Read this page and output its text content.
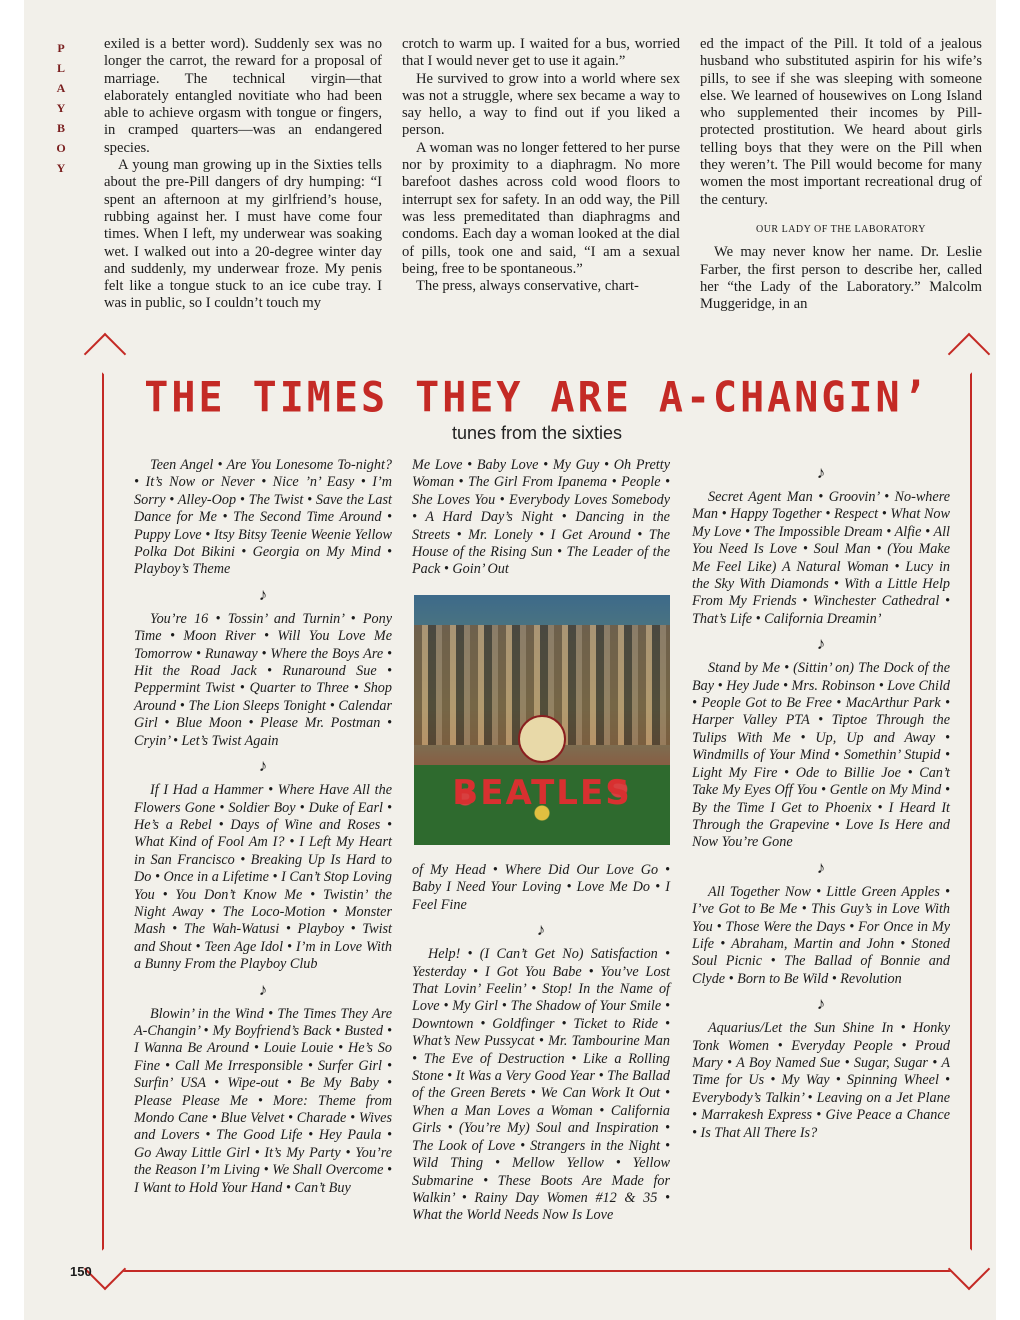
P
L
A
Y
B
O
Y

exiled is a better word). Suddenly sex was no longer the carrot, the reward for a proposal of marriage. The technical virgin—that elaborately entangled novitiate who had been able to achieve orgasm with tongue or fingers, in cramped quarters—was an endangered species.

A young man growing up in the Sixties tells about the pre-Pill dangers of dry humping: “I spent an afternoon at my girlfriend’s house, rubbing against her. I must have come four times. When I left, my underwear was soaking wet. I walked out into a 20-degree winter day and suddenly, my underwear froze. My penis felt like a tongue stuck to an ice cube tray. I was in public, so I couldn’t touch my

crotch to warm up. I waited for a bus, worried that I would never get to use it again.”

He survived to grow into a world where sex was not a struggle, where sex became a way to say hello, a way to find out if you liked a person.

A woman was no longer fettered to her purse nor by proximity to a diaphragm. No more barefoot dashes across cold wood floors to interrupt sex for safety. In an odd way, the Pill was less premeditated than diaphragms and condoms. Each day a woman looked at the dial of pills, took one and said, “I am a sexual being, free to be spontaneous.”

The press, always conservative, chart-

ed the impact of the Pill. It told of a jealous husband who substituted aspirin for his wife’s pills, to see if she was sleeping with someone else. We learned of housewives on Long Island who supplemented their incomes by Pill-protected prostitution. We heard about girls telling boys that they were on the Pill when they weren’t. The Pill would become for many women the most important recreational drug of the century.

OUR LADY OF THE LABORATORY

We may never know her name. Dr. Leslie Farber, the first person to describe her, called her “the Lady of the Laboratory.” Malcolm Muggeridge, in an

THE TIMES THEY ARE A-CHANGIN’
tunes from the sixties

Teen Angel • Are You Lonesome To-night? • It’s Now or Never • Nice ’n’ Easy • I’m Sorry • Alley-Oop • The Twist • Save the Last Dance for Me • The Second Time Around • Puppy Love • Itsy Bitsy Teenie Weenie Yellow Polka Dot Bikini • Georgia on My Mind • Playboy’s Theme

♪

You’re 16 • Tossin’ and Turnin’ • Pony Time • Moon River • Will You Love Me Tomorrow • Runaway • Where the Boys Are • Hit the Road Jack • Runaround Sue • Peppermint Twist • Quarter to Three • Shop Around • The Lion Sleeps Tonight • Calendar Girl • Blue Moon • Please Mr. Postman • Cryin’ • Let’s Twist Again

♪

If I Had a Hammer • Where Have All the Flowers Gone • Soldier Boy • Duke of Earl • He’s a Rebel • Days of Wine and Roses • What Kind of Fool Am I? • I Left My Heart in San Francisco • Breaking Up Is Hard to Do • Once in a Lifetime • I Can’t Stop Loving You • You Don’t Know Me • Twistin’ the Night Away • The Loco-Motion • Monster Mash • The Wah-Watusi • Playboy • Twist and Shout • Teen Age Idol • I’m in Love With a Bunny From the Playboy Club

♪

Blowin’ in the Wind • The Times They Are A-Changin’ • My Boyfriend’s Back • Busted • I Wanna Be Around • Louie Louie • He’s So Fine • Call Me Irresponsible • Surfer Girl • Surfin’ USA • Wipe-out • Be My Baby • Please Please Me • More: Theme from Mondo Cane • Blue Velvet • Charade • Wives and Lovers • The Good Life • Hey Paula • Go Away Little Girl • It’s My Party • You’re the Reason I’m Living • We Shall Overcome • I Want to Hold Your Hand • Can’t Buy

Me Love • Baby Love • My Guy • Oh Pretty Woman • The Girl From Ipanema • People • She Loves You • Everybody Loves Somebody • A Hard Day’s Night • Dancing in the Streets • Mr. Lonely • I Get Around • The House of the Rising Sun • The Leader of the Pack • Goin’ Out

BEATLES

of My Head • Where Did Our Love Go • Baby I Need Your Loving • Love Me Do • I Feel Fine

♪

Help! • (I Can’t Get No) Satisfaction • Yesterday • I Got You Babe • You’ve Lost That Lovin’ Feelin’ • Stop! In the Name of Love • My Girl • The Shadow of Your Smile • Downtown • Goldfinger • Ticket to Ride • What’s New Pussycat • Mr. Tambourine Man • The Eve of Destruction • Like a Rolling Stone • It Was a Very Good Year • The Ballad of the Green Berets • We Can Work It Out • When a Man Loves a Woman • California Girls • (You’re My) Soul and Inspiration • The Look of Love • Strangers in the Night • Wild Thing • Mellow Yellow • Yellow Submarine • These Boots Are Made for Walkin’ • Rainy Day Women #12 & 35 • What the World Needs Now Is Love

♪

Secret Agent Man • Groovin’ • No-where Man • Happy Together • Respect • What Now My Love • The Impossible Dream • Alfie • All You Need Is Love • Soul Man • (You Make Me Feel Like) A Natural Woman • Lucy in the Sky With Diamonds • With a Little Help From My Friends • Winchester Cathedral • That’s Life • California Dreamin’

♪

Stand by Me • (Sittin’ on) The Dock of the Bay • Hey Jude • Mrs. Robinson • Love Child • People Got to Be Free • MacArthur Park • Harper Valley PTA • Tiptoe Through the Tulips With Me • Up, Up and Away • Windmills of Your Mind • Somethin’ Stupid • Light My Fire • Ode to Billie Joe • Can’t Take My Eyes Off You • Gentle on My Mind • By the Time I Get to Phoenix • I Heard It Through the Grapevine • Love Is Here and Now You’re Gone

♪

All Together Now • Little Green Apples • I’ve Got to Be Me • This Guy’s in Love With You • Those Were the Days • For Once in My Life • Abraham, Martin and John • Stoned Soul Picnic • The Ballad of Bonnie and Clyde • Born to Be Wild • Revolution

♪

Aquarius/Let the Sun Shine In • Honky Tonk Women • Everyday People • Proud Mary • A Boy Named Sue • Sugar, Sugar • A Time for Us • My Way • Spinning Wheel • Everybody’s Talkin’ • Leaving on a Jet Plane • Marrakesh Express • Give Peace a Chance • Is That All There Is?

150
